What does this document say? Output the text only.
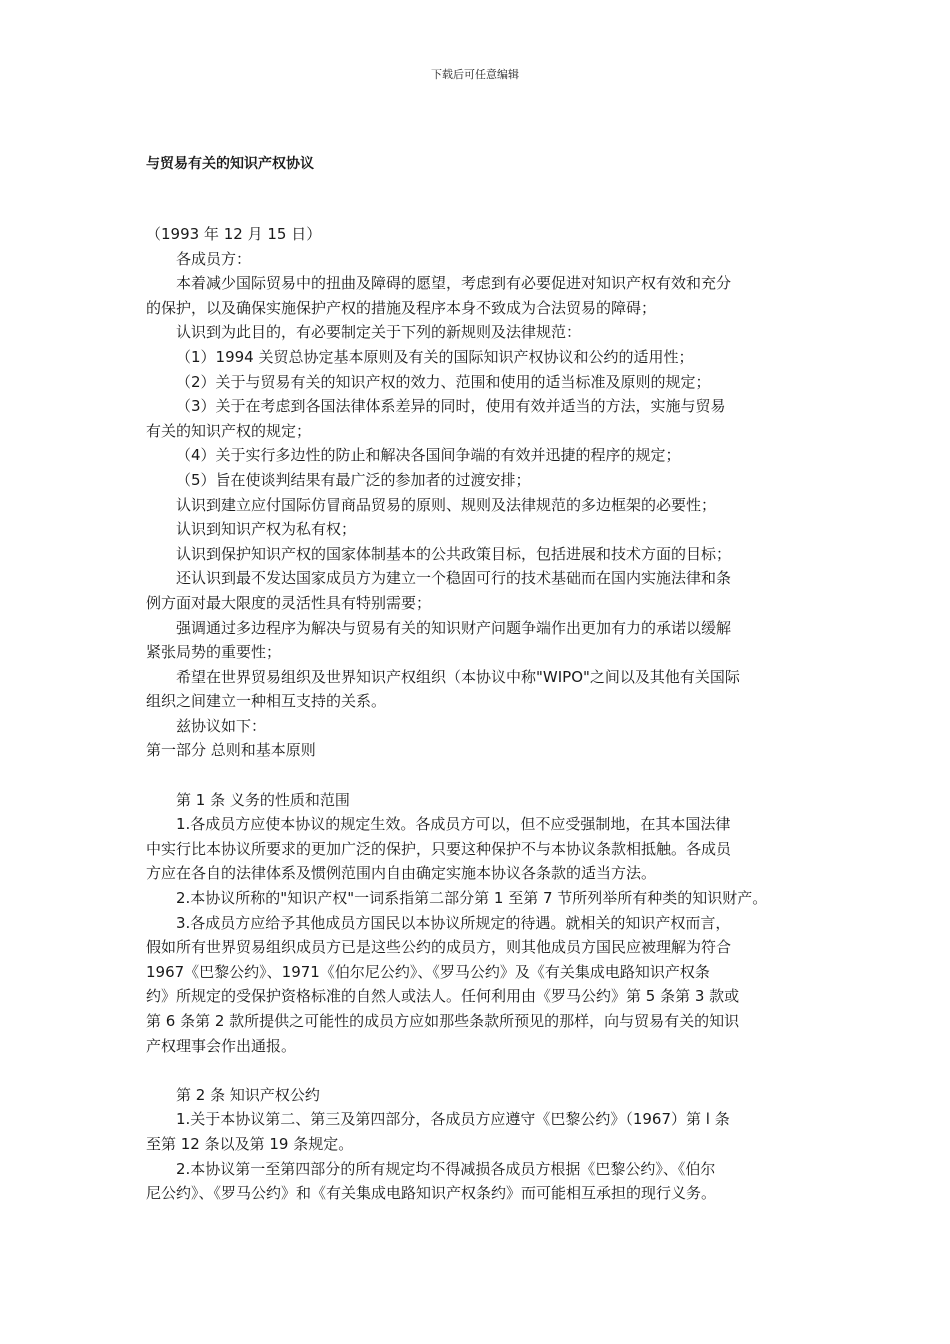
下载后可任意编辑
与贸易有关的知识产权协议
（1993 年 12 月 15 日）
各成员方：
本着减少国际贸易中的扭曲及障碍的愿望，考虑到有必要促进对知识产权有效和充分
的保护，以及确保实施保护产权的措施及程序本身不致成为合法贸易的障碍；
认识到为此目的，有必要制定关于下列的新规则及法律规范：
（1）1994 关贸总协定基本原则及有关的国际知识产权协议和公约的适用性；
（2）关于与贸易有关的知识产权的效力、范围和使用的适当标准及原则的规定；
（3）关于在考虑到各国法律体系差异的同时，使用有效并适当的方法，实施与贸易
有关的知识产权的规定；
（4）关于实行多边性的防止和解决各国间争端的有效并迅捷的程序的规定；
（5）旨在使谈判结果有最广泛的参加者的过渡安排；
认识到建立应付国际仿冒商品贸易的原则、规则及法律规范的多边框架的必要性；
认识到知识产权为私有权；
认识到保护知识产权的国家体制基本的公共政策目标，包括进展和技术方面的目标；
还认识到最不发达国家成员方为建立一个稳固可行的技术基础而在国内实施法律和条
例方面对最大限度的灵活性具有特别需要；
强调通过多边程序为解决与贸易有关的知识财产问题争端作出更加有力的承诺以缓解
紧张局势的重要性；
希望在世界贸易组织及世界知识产权组织（本协议中称"WIPO"之间以及其他有关国际
组织之间建立一种相互支持的关系。
兹协议如下：
第一部分 总则和基本原则
第 1 条 义务的性质和范围
1.各成员方应使本协议的规定生效。各成员方可以，但不应受强制地，在其本国法律
中实行比本协议所要求的更加广泛的保护，只要这种保护不与本协议条款相抵触。各成员
方应在各自的法律体系及惯例范围内自由确定实施本协议各条款的适当方法。
2.本协议所称的"知识产权"一词系指第二部分第 1 至第 7 节所列举所有种类的知识财产。
3.各成员方应给予其他成员方国民以本协议所规定的待遇。就相关的知识产权而言，
假如所有世界贸易组织成员方已是这些公约的成员方，则其他成员方国民应被理解为符合
1967《巴黎公约》、1971《伯尔尼公约》、《罗马公约》及《有关集成电路知识产权条
约》所规定的受保护资格标准的自然人或法人。任何利用由《罗马公约》第 5 条第 3 款或
第 6 条第 2 款所提供之可能性的成员方应如那些条款所预见的那样，向与贸易有关的知识
产权理事会作出通报。
第 2 条 知识产权公约
1.关于本协议第二、第三及第四部分，各成员方应遵守《巴黎公约》（1967）第 l 条
至第 12 条以及第 19 条规定。
2.本协议第一至第四部分的所有规定均不得减损各成员方根据《巴黎公约》、《伯尔
尼公约》、《罗马公约》和《有关集成电路知识产权条约》而可能相互承担的现行义务。
